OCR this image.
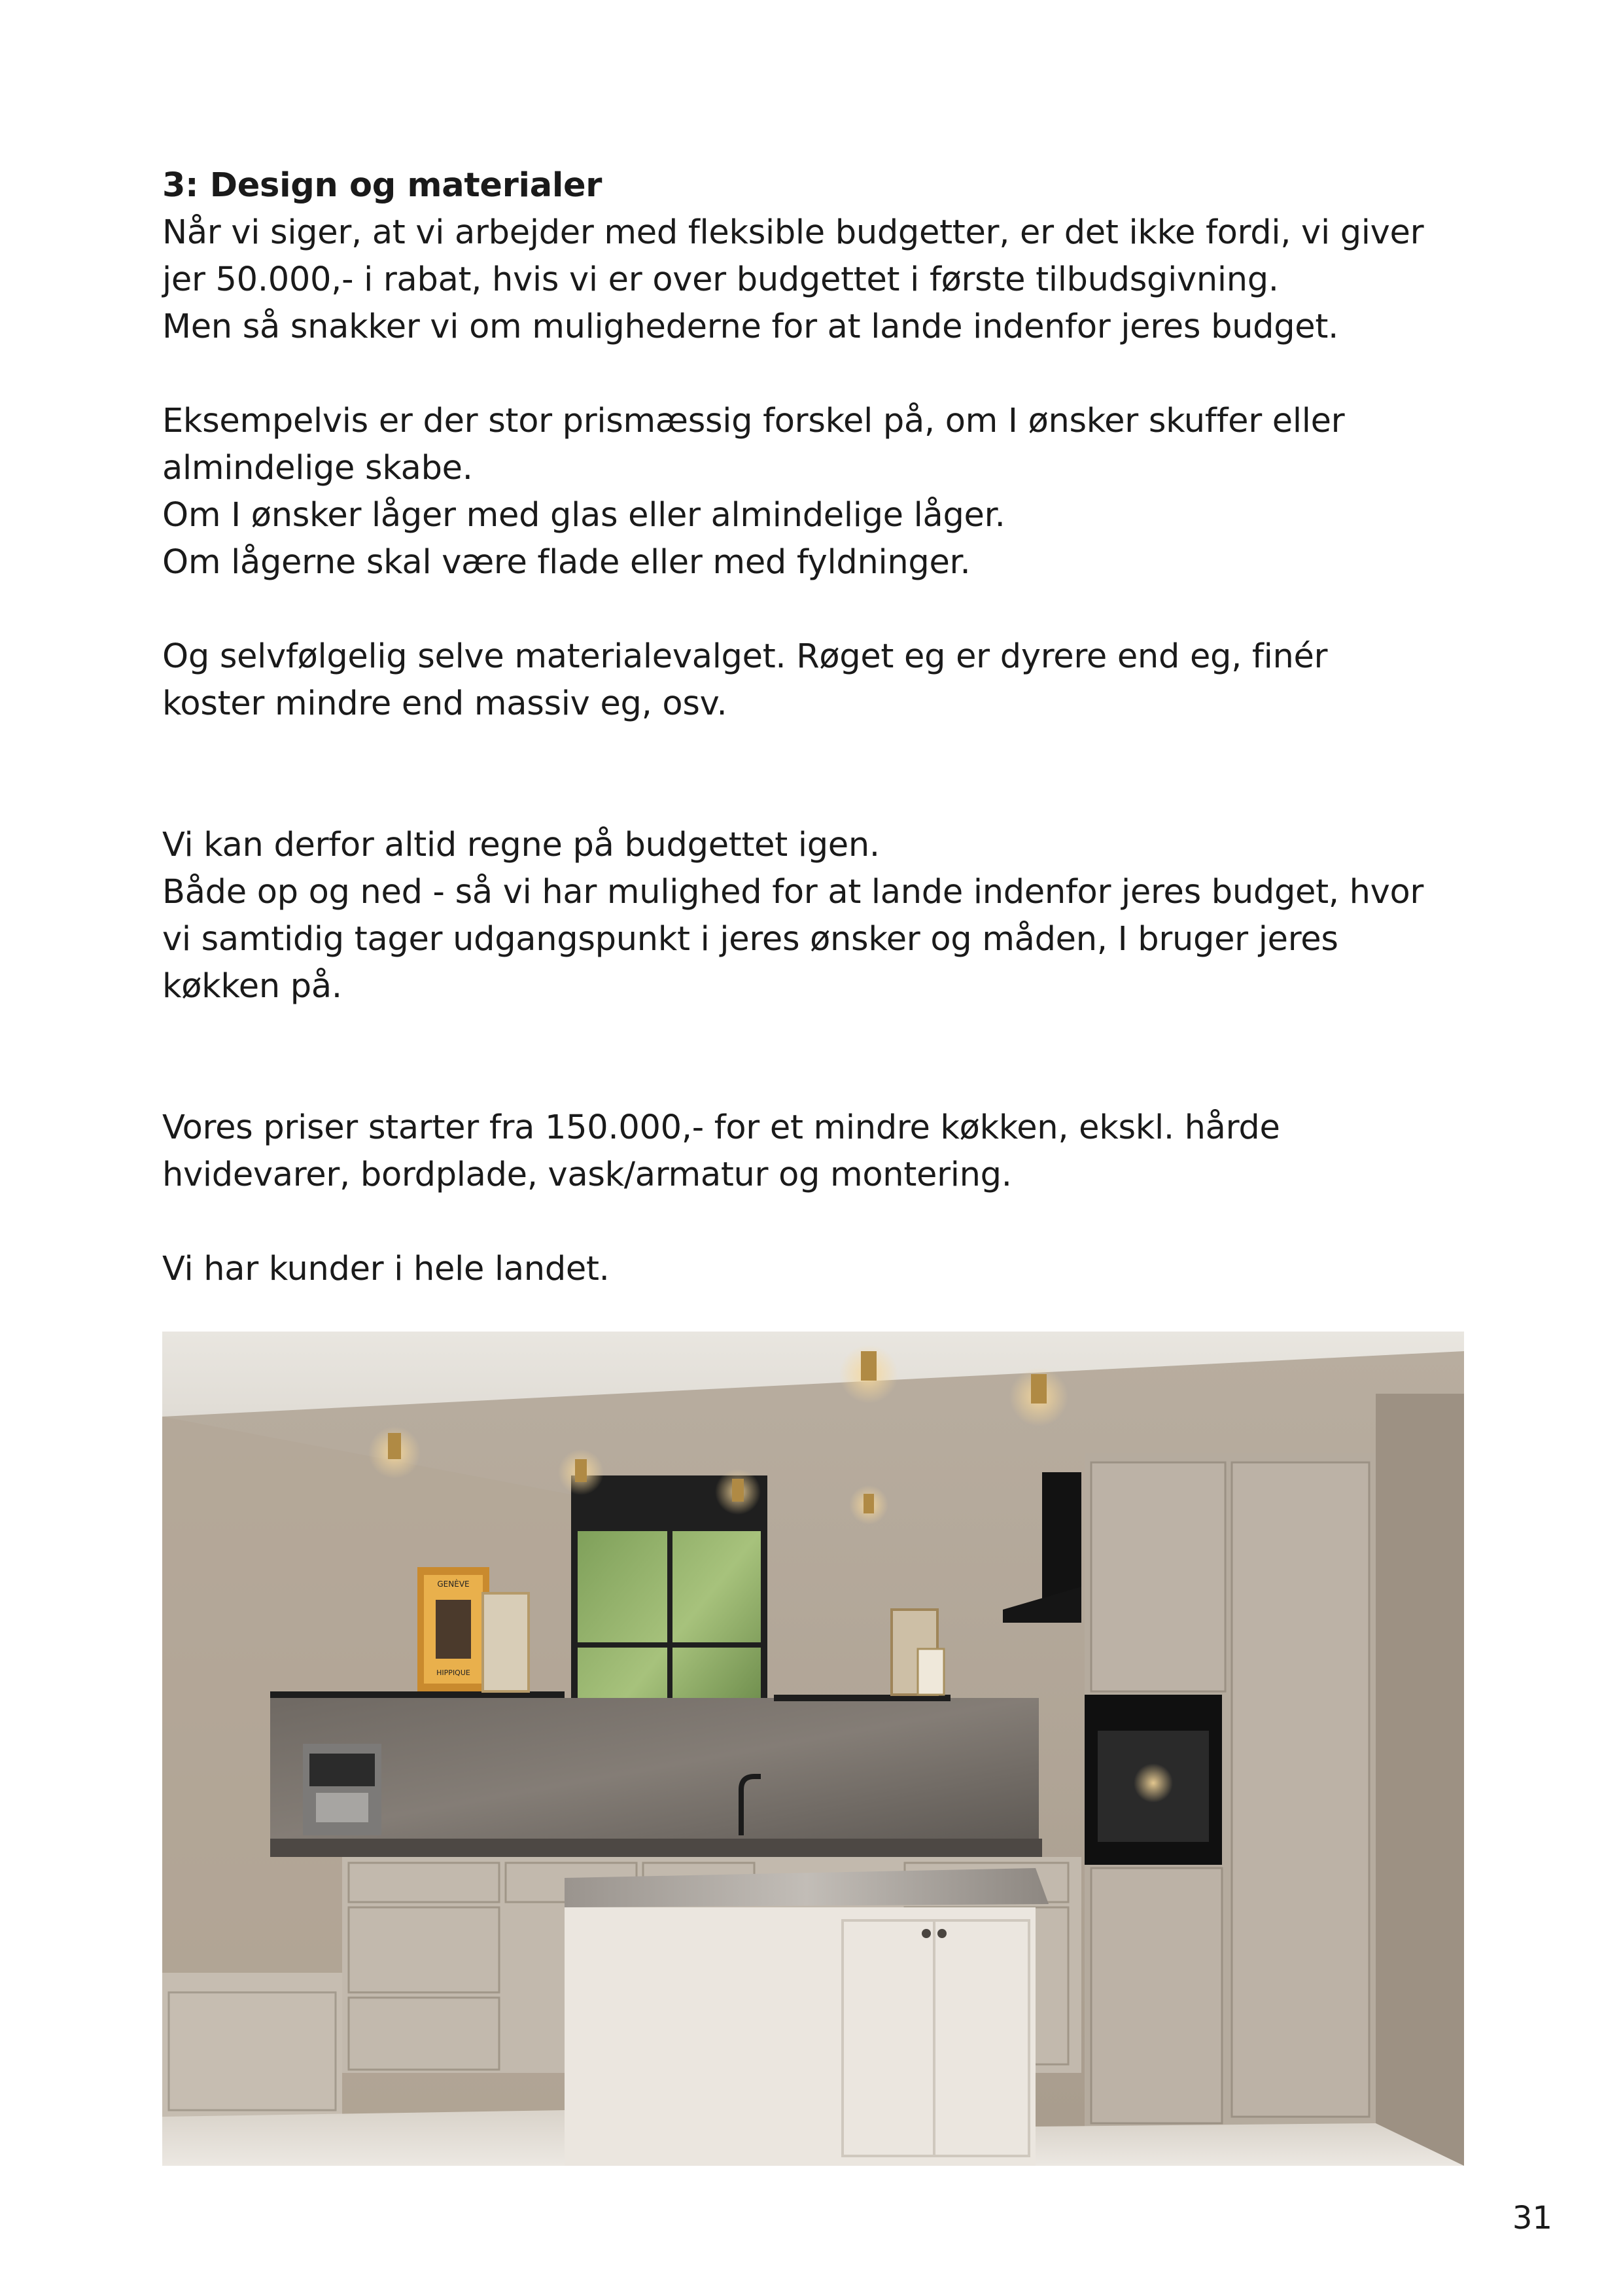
3: Design og materialer
Når vi siger, at vi arbejder med fleksible budgetter, er det ikke fordi, vi giver
jer 50.000,- i rabat, hvis vi er over budgettet i første tilbudsgivning.
Men så snakker vi om mulighederne for at lande indenfor jeres budget.
Eksempelvis er der stor prismæssig forskel på, om I ønsker skuffer eller
almindelige skabe.
Om I ønsker låger med glas eller almindelige låger.
Om lågerne skal være flade eller med fyldninger.
Og selvfølgelig selve materialevalget. Røget eg er dyrere end eg, finér
koster mindre end massiv eg, osv.
Vi kan derfor altid regne på budgettet igen.
Både op og ned - så vi har mulighed for at lande indenfor jeres budget, hvor
vi samtidig tager udgangspunkt i jeres ønsker og måden, I bruger jeres
køkken på.
Vores priser starter fra 150.000,- for et mindre køkken, ekskl. hårde
hvidevarer, bordplade, vask/armatur og montering.
Vi har kunder i hele landet.
GENÈVE
HIPPIQUE
31
